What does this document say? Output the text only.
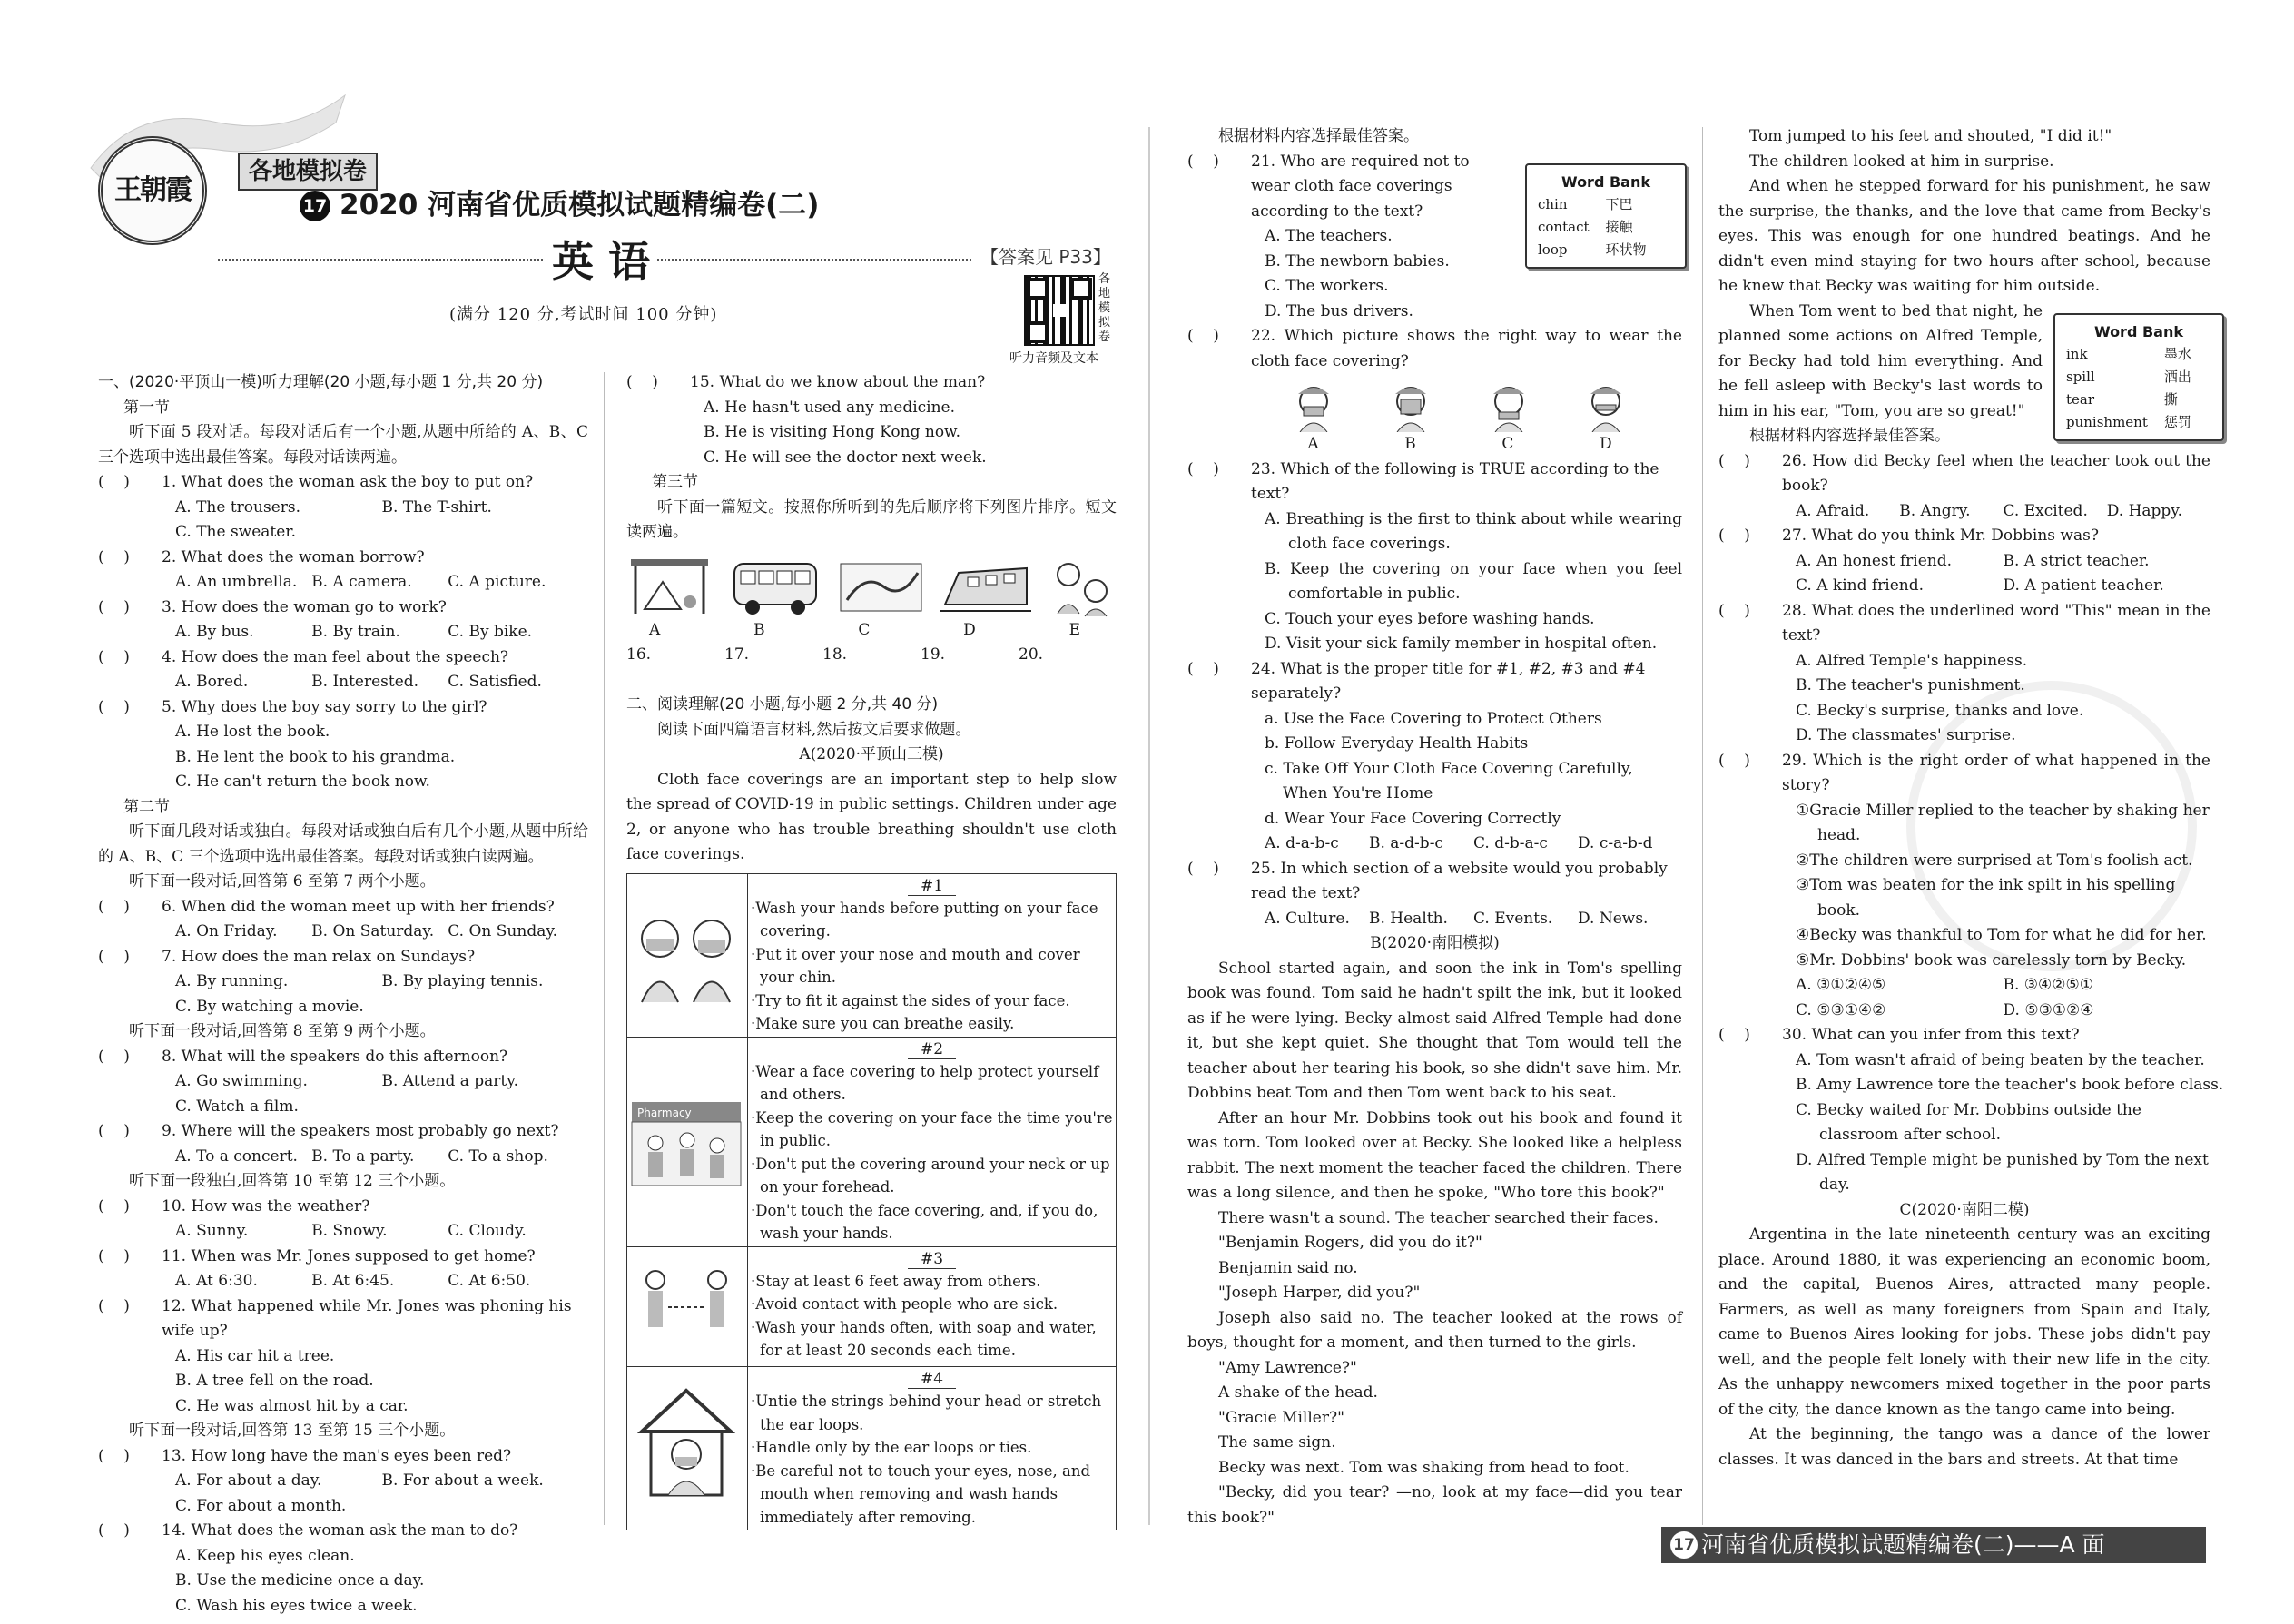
王朝霞
各地模拟卷
17 2020 河南省优质模拟试题精编卷(二)
英 语	【答案见 P33】
(满分 120 分,考试时间 100 分钟)
各地模拟卷
听力音频及文本

一、(2020·平顶山一模)听力理解(20 小题,每小题 1 分,共 20 分)

第一节

听下面 5 段对话。每段对话后有一个小题,从题中所给的 A、B、C 三个选项中选出最佳答案。每段对话读两遍。

(    )	1. What does the woman ask the boy to put on?
A. The trousers.	B. The T-shirt.
C. The sweater.
(    )	2. What does the woman borrow?
A. An umbrella. B. A camera.	C. A picture.
(    )	3. How does the woman go to work?
A. By bus.	B. By train.	C. By bike.
(    )	4. How does the man feel about the speech?
A. Bored.	B. Interested.	C. Satisfied.
(    )	5. Why does the boy say sorry to the girl?
A. He lost the book.
B. He lent the book to his grandma.
C. He can't return the book now.

第二节

听下面几段对话或独白。每段对话或独白后有几个小题,从题中所给的 A、B、C 三个选项中选出最佳答案。每段对话或独白读两遍。

听下面一段对话,回答第 6 至第 7 两个小题。

(    )	6. When did the woman meet up with her friends?
A. On Friday.	B. On Saturday. C. On Sunday.
(    )	7. How does the man relax on Sundays?
A. By running.	B. By playing tennis.
C. By watching a movie.

听下面一段对话,回答第 8 至第 9 两个小题。

(    )	8. What will the speakers do this afternoon?
A. Go swimming.	B. Attend a party.
C. Watch a film.
(    )	9. Where will the speakers most probably go next?
A. To a concert. B. To a party.	C. To a shop.

听下面一段独白,回答第 10 至第 12 三个小题。

(    )	10. How was the weather?
A. Sunny.	B. Snowy.	C. Cloudy.
(    )	11. When was Mr. Jones supposed to get home?
A. At 6:30.	B. At 6:45.	C. At 6:50.
(    )	12. What happened while Mr. Jones was phoning his wife up?
A. His car hit a tree.
B. A tree fell on the road.
C. He was almost hit by a car.

听下面一段对话,回答第 13 至第 15 三个小题。

(    )	13. How long have the man's eyes been red?
A. For about a day.	B. For about a week.
C. For about a month.
(    )	14. What does the woman ask the man to do?
A. Keep his eyes clean.
B. Use the medicine once a day.
C. Wash his eyes twice a week.
(    )	15. What do we know about the man?
A. He hasn't used any medicine.
B. He is visiting Hong Kong now.
C. He will see the doctor next week.

第三节

听下面一篇短文。按照你所听到的先后顺序将下列图片排序。短文读两遍。

A	B	C	D	E
16.	17.	18.	19.	20.

二、阅读理解(20 小题,每小题 2 分,共 40 分)

阅读下面四篇语言材料,然后按文后要求做题。

A(2020·平顶山三模)

Cloth face coverings are an important step to help slow the spread of COVID-19 in public settings. Children under age 2, or anyone who has trouble breathing shouldn't use cloth face coverings.

#1

·Wash your hands before putting on your face covering.

·Put it over your nose and mouth and cover your chin.

·Try to fit it against the sides of your face.

·Make sure you can breathe easily.

Pharmacy	#2

·Wear a face covering to help protect yourself and others.

·Keep the covering on your face the time you're in public.

·Don't put the covering around your neck or up on your forehead.

·Don't touch the face covering, and, if you do, wash your hands.

#3

·Stay at least 6 feet away from others.

·Avoid contact with people who are sick.

·Wash your hands often, with soap and water, for at least 20 seconds each time.

#4

·Untie the strings behind your head or stretch the ear loops.

·Handle only by the ear loops or ties.

·Be careful not to touch your eyes, nose, and mouth when removing and wash hands immediately after removing.

根据材料内容选择最佳答案。

(    )	21. Who are required not to wear cloth face coverings according to the text?
A. The teachers.
B. The newborn babies.
C. The workers.
D. The bus drivers.
(    )	22. Which picture shows the right way to wear the cloth face covering?
A	B	C	D
(    )	23. Which of the following is TRUE according to the text?
A. Breathing is the first to think about while wearing cloth face coverings.
B. Keep the covering on your face when you feel comfortable in public.
C. Touch your eyes before washing hands.
D. Visit your sick family member in hospital often.
(    )	24. What is the proper title for #1, #2, #3 and #4 separately?
a. Use the Face Covering to Protect Others
b. Follow Everyday Health Habits
c. Take Off Your Cloth Face Covering Carefully, When You're Home
d. Wear Your Face Covering Correctly
A. d-a-b-c	B. a-d-b-c	C. d-b-a-c	D. c-a-b-d
(    )	25. In which section of a website would you probably read the text?
A. Culture.	B. Health.	C. Events.	D. News.

B(2020·南阳模拟)

School started again, and soon the ink in Tom's spelling book was found. Tom said he hadn't spilt the ink, but it looked as if he were lying. Becky almost said Alfred Temple had done it, but she kept quiet. She thought that Tom would tell the teacher about her tearing his book, so she didn't save him. Mr. Dobbins beat Tom and then Tom went back to his seat.

After an hour Mr. Dobbins took out his book and found it was torn. Tom looked over at Becky. She looked like a helpless rabbit. The next moment the teacher faced the children. There was a long silence, and then he spoke, "Who tore this book?"

There wasn't a sound. The teacher searched their faces.

"Benjamin Rogers, did you do it?"

Benjamin said no.

"Joseph Harper, did you?"

Joseph also said no. The teacher looked at the rows of boys, thought for a moment, and then turned to the girls.

"Amy Lawrence?"

A shake of the head.

"Gracie Miller?"

The same sign.

Becky was next. Tom was shaking from head to foot.

"Becky, did you tear? —no, look at my face—did you tear this book?"

Word Bank
chin	下巴
contact	接触
loop	环状物

Tom jumped to his feet and shouted, "I did it!"

The children looked at him in surprise.

And when he stepped forward for his punishment, he saw the surprise, the thanks, and the love that came from Becky's eyes. This was enough for one hundred beatings. And he didn't even mind staying for two hours after school, because he knew that Becky was waiting for him outside.

When Tom went to bed that night, he planned some actions on Alfred Temple, for Becky had told him everything. And he fell asleep with Becky's last words to him in his ear, "Tom, you are so great!"

根据材料内容选择最佳答案。

(    )	26. How did Becky feel when the teacher took out the book?
A. Afraid.	B. Angry.	C. Excited.	D. Happy.
(    )	27. What do you think Mr. Dobbins was?
A. An honest friend.	B. A strict teacher.
C. A kind friend.	D. A patient teacher.
(    )	28. What does the underlined word "This" mean in the text?
A. Alfred Temple's happiness.
B. The teacher's punishment.
C. Becky's surprise, thanks and love.
D. The classmates' surprise.
(    )	29. Which is the right order of what happened in the story?
①Gracie Miller replied to the teacher by shaking her head.
②The children were surprised at Tom's foolish act.
③Tom was beaten for the ink spilt in his spelling book.
④Becky was thankful to Tom for what he did for her.
⑤Mr. Dobbins' book was carelessly torn by Becky.
A. ③①②④⑤	B. ③④②⑤①
C. ⑤③①④②	D. ⑤③①②④
(    )	30. What can you infer from this text?
A. Tom wasn't afraid of being beaten by the teacher.
B. Amy Lawrence tore the teacher's book before class.
C. Becky waited for Mr. Dobbins outside the classroom after school.
D. Alfred Temple might be punished by Tom the next day.

C(2020·南阳二模)

Argentina in the late nineteenth century was an exciting place. Around 1880, it was experiencing an economic boom, and the capital, Buenos Aires, attracted many people. Farmers, as well as many foreigners from Spain and Italy, came to Buenos Aires looking for jobs. These jobs didn't pay well, and the people felt lonely with their new life in the city. As the unhappy newcomers mixed together in the poor parts of the city, the dance known as the tango came into being.

At the beginning, the tango was a dance of the lower classes. It was danced in the bars and streets. At that time

Word Bank
ink	墨水
spill	洒出
tear	撕
punishment	惩罚
17 河南省优质模拟试题精编卷(二)——A 面
